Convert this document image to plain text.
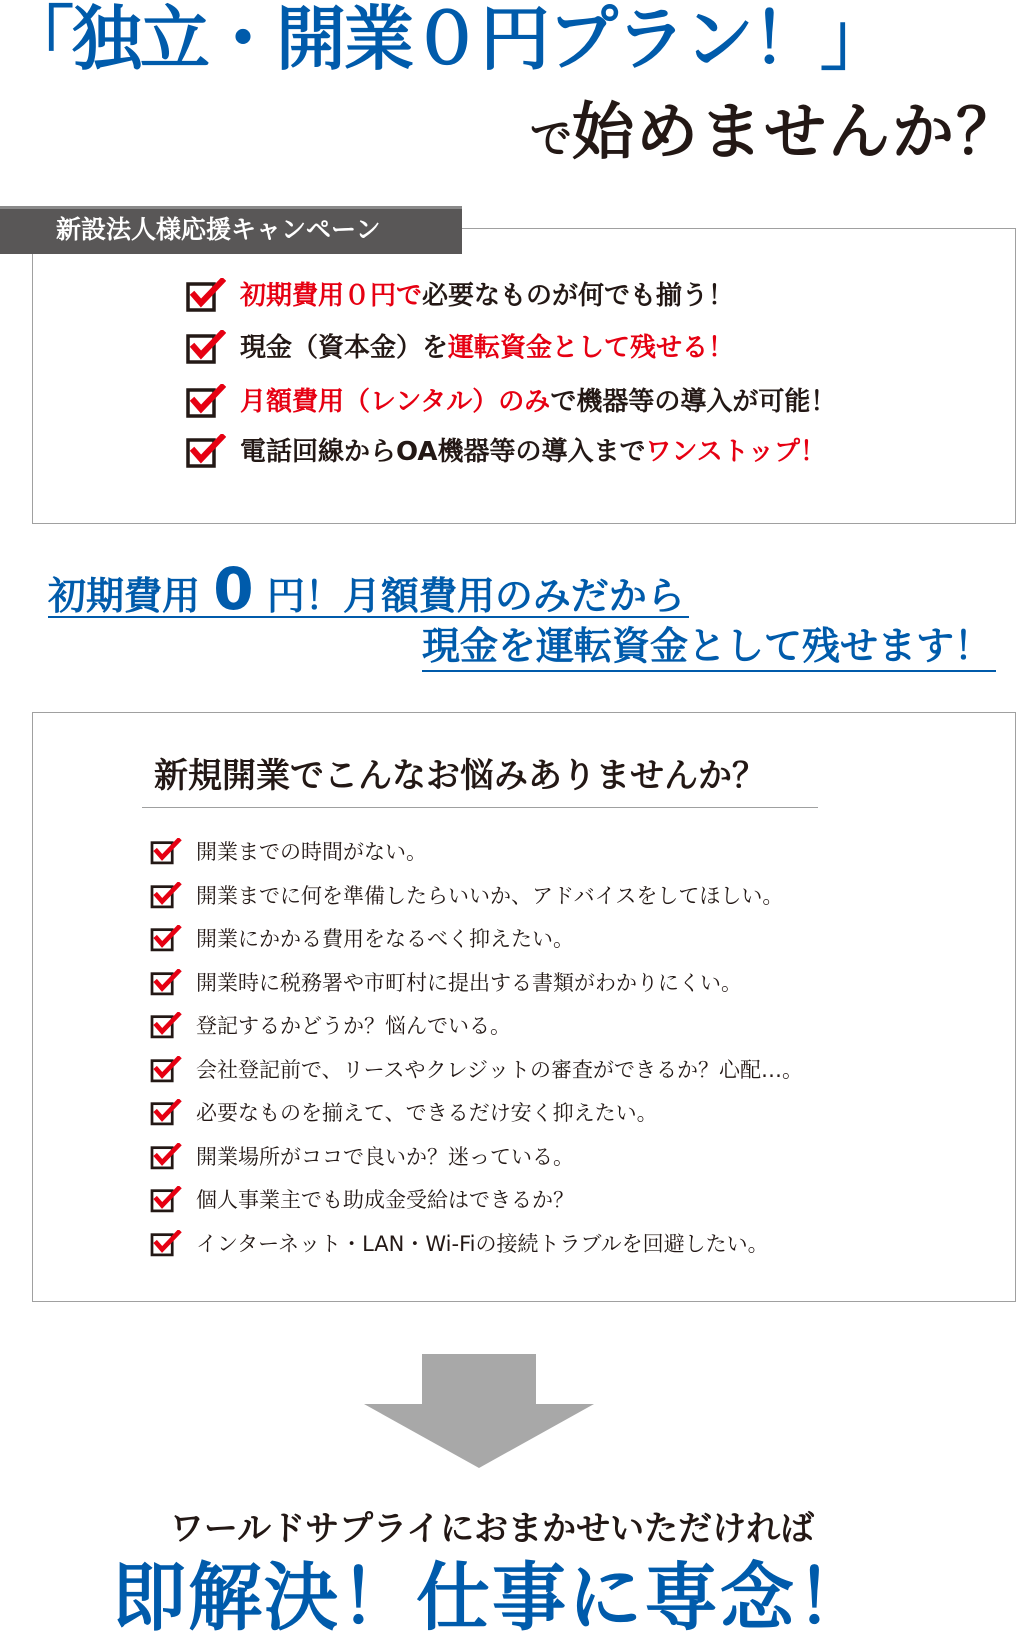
「独立・開業０円プラン！」
で始めませんか？
新設法人様応援キャンペーン
初期費用０円で必要なものが何でも揃う！
現金（資本金）を運転資金として残せる！
月額費用（レンタル）のみで機器等の導入が可能！
電話回線からOA機器等の導入までワンストップ！
初期費用 0 円！月額費用のみだから
現金を運転資金として残せます！
新規開業でこんなお悩みありませんか？
開業までの時間がない。
開業までに何を準備したらいいか、アドバイスをしてほしい。
開業にかかる費用をなるべく抑えたい。
開業時に税務署や市町村に提出する書類がわかりにくい。
登記するかどうか？悩んでいる。
会社登記前で、リースやクレジットの審査ができるか？心配…。
必要なものを揃えて、できるだけ安く抑えたい。
開業場所がココで良いか？迷っている。
個人事業主でも助成金受給はできるか？
インターネット・LAN・Wi-Fiの接続トラブルを回避したい。
ワールドサプライにおまかせいただければ
即解決！仕事に専念！
